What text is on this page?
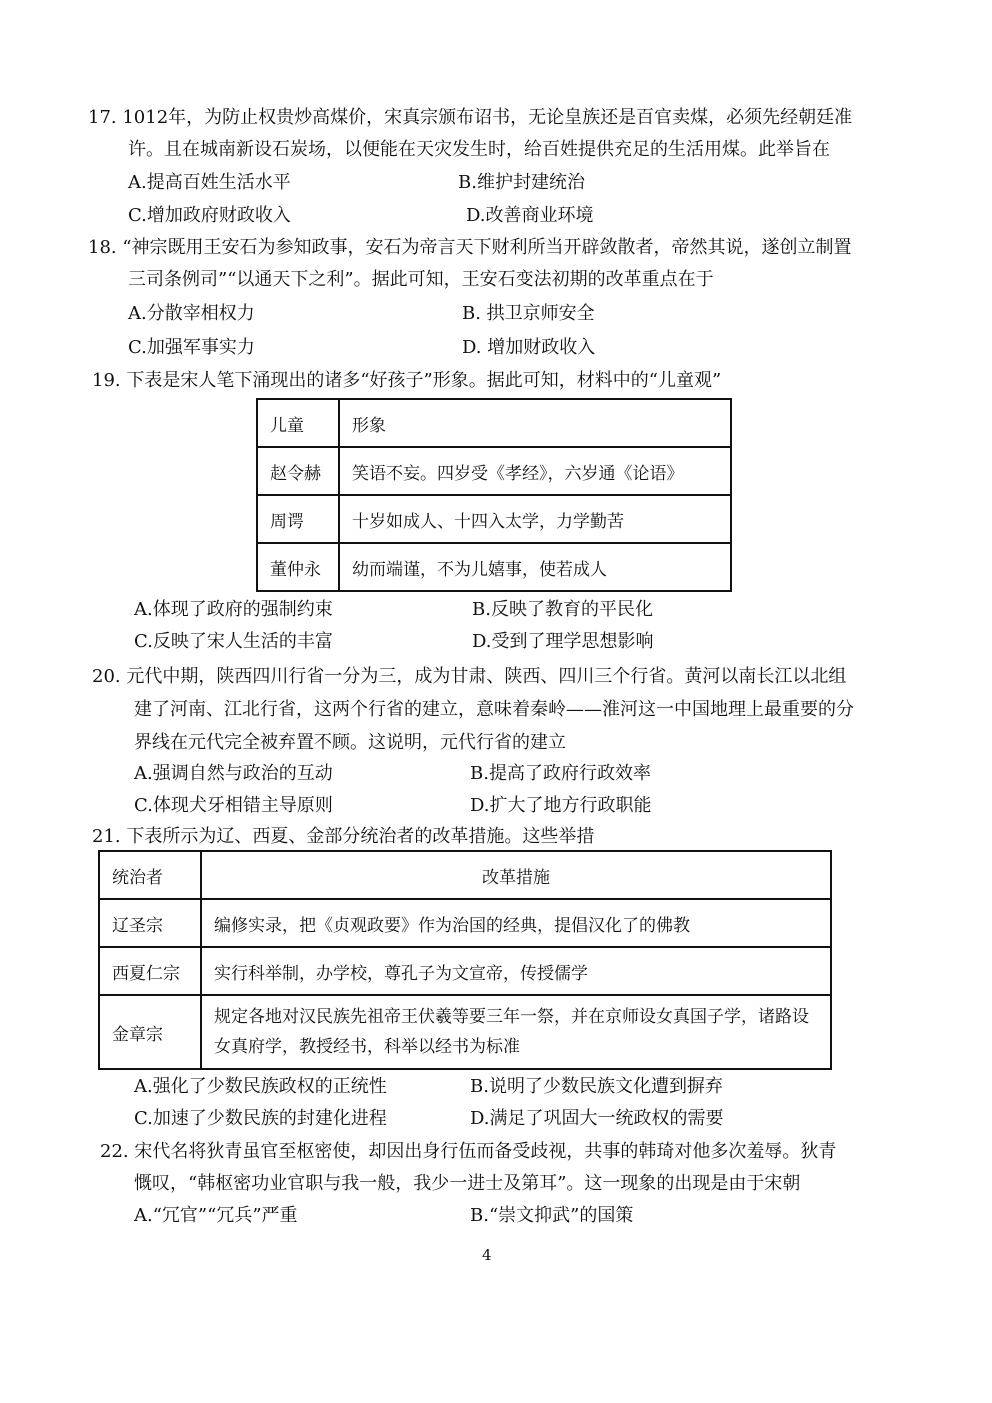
17. 1012年，为防止权贵炒高煤价，宋真宗颁布诏书，无论皇族还是百官卖煤，必须先经朝廷准
许。且在城南新设石炭场，以便能在天灾发生时，给百姓提供充足的生活用煤。此举旨在
A.提高百姓生活水平	B.维护封建统治
C.增加政府财政收入	D.改善商业环境
18. “神宗既用王安石为参知政事，安石为帝言天下财利所当开辟敛散者，帝然其说，遂创立制置
三司条例司”“以通天下之利”。据此可知，王安石变法初期的改革重点在于
A.分散宰相权力	B. 拱卫京师安全
C.加强军事实力	D. 增加财政收入
19. 下表是宋人笔下涌现出的诸多“好孩子”形象。据此可知，材料中的“儿童观”
儿童	形象
赵令赫	笑语不妄。四岁受《孝经》，六岁通《论语》
周谔	十岁如成人、十四入太学，力学勤苦
董仲永	幼而端谨，不为儿嬉事，使若成人
A.体现了政府的强制约束	B.反映了教育的平民化
C.反映了宋人生活的丰富	D.受到了理学思想影响
20. 元代中期，陕西四川行省一分为三，成为甘肃、陕西、四川三个行省。黄河以南长江以北组
建了河南、江北行省，这两个行省的建立，意味着秦岭——淮河这一中国地理上最重要的分
界线在元代完全被弃置不顾。这说明，元代行省的建立
A.强调自然与政治的互动	B.提高了政府行政效率
C.体现犬牙相错主导原则	D.扩大了地方行政职能
21. 下表所示为辽、西夏、金部分统治者的改革措施。这些举措
统治者	改革措施
辽圣宗	编修实录，把《贞观政要》作为治国的经典，提倡汉化了的佛教
西夏仁宗	实行科举制，办学校，尊孔子为文宣帝，传授儒学
金章宗	规定各地对汉民族先祖帝王伏羲等要三年一祭，并在京师设女真国子学，诸路设女真府学，教授经书，科举以经书为标准
A.强化了少数民族政权的正统性	B.说明了少数民族文化遭到摒弃
C.加速了少数民族的封建化进程	D.满足了巩固大一统政权的需要
22. 宋代名将狄青虽官至枢密使，却因出身行伍而备受歧视，共事的韩琦对他多次羞辱。狄青
慨叹，“韩枢密功业官职与我一般，我少一进士及第耳”。这一现象的出现是由于宋朝
A.“冗官”“冗兵”严重	B.“崇文抑武”的国策
4
